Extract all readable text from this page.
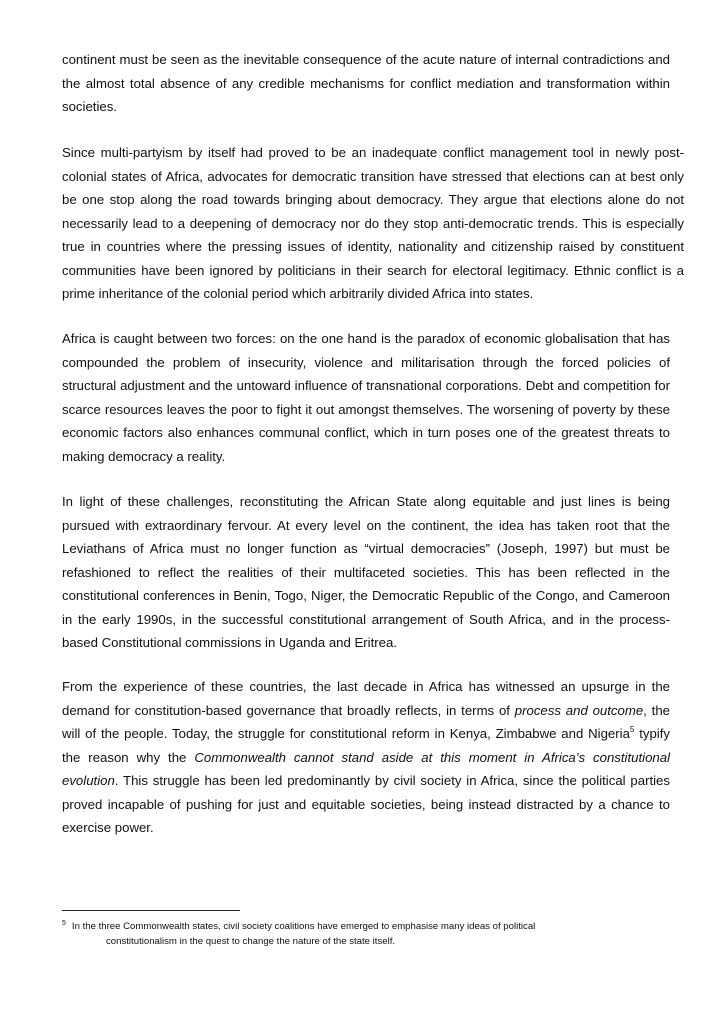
continent must be seen as the inevitable consequence of the acute nature of internal contradictions and the almost total absence of any credible mechanisms for conflict mediation and transformation within societies.

Since multi-partyism by itself had proved to be an inadequate conflict management tool in newly post-colonial states of Africa, advocates for democratic transition have stressed that elections can at best only be one stop along the road towards bringing about democracy. They argue that elections alone do not necessarily lead to a deepening of democracy nor do they stop anti-democratic trends. This is especially true in countries where the pressing issues of identity, nationality and citizenship raised by constituent communities have been ignored by politicians in their search for electoral legitimacy. Ethnic conflict is a prime inheritance of the colonial period which arbitrarily divided Africa into states.

Africa is caught between two forces: on the one hand is the paradox of economic globalisation that has compounded the problem of insecurity, violence and militarisation through the forced policies of structural adjustment and the untoward influence of transnational corporations. Debt and competition for scarce resources leaves the poor to fight it out amongst themselves. The worsening of poverty by these economic factors also enhances communal conflict, which in turn poses one of the greatest threats to making democracy a reality.

In light of these challenges, reconstituting the African State along equitable and just lines is being pursued with extraordinary fervour. At every level on the continent, the idea has taken root that the Leviathans of Africa must no longer function as “virtual democracies” (Joseph, 1997) but must be refashioned to reflect the realities of their multifaceted societies. This has been reflected in the constitutional conferences in Benin, Togo, Niger, the Democratic Republic of the Congo, and Cameroon in the early 1990s, in the successful constitutional arrangement of South Africa, and in the process-based Constitutional commissions in Uganda and Eritrea.

From the experience of these countries, the last decade in Africa has witnessed an upsurge in the demand for constitution-based governance that broadly reflects, in terms of process and outcome, the will of the people. Today, the struggle for constitutional reform in Kenya, Zimbabwe and Nigeria$^5$ typify the reason why the Commonwealth cannot stand aside at this moment in Africa’s constitutional evolution. This struggle has been led predominantly by civil society in Africa, since the political parties proved incapable of pushing for just and equitable societies, being instead distracted by a chance to exercise power.

$^5$ In the three Commonwealth states, civil society coalitions have emerged to emphasise many ideas of political
constitutionalism in the quest to change the nature of the state itself.
